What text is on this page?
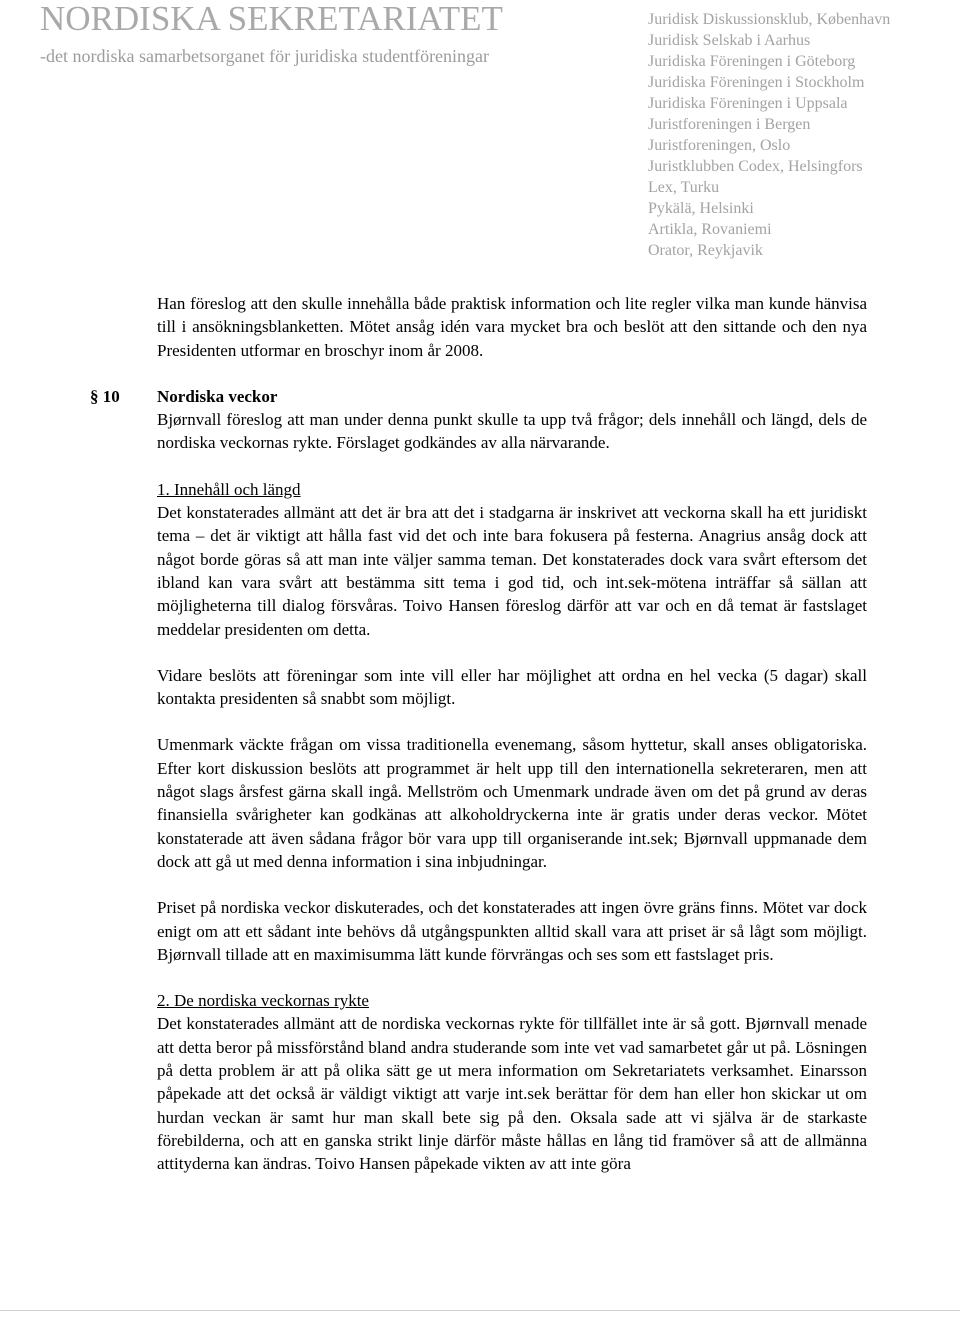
NORDISKA SEKRETARIATET
-det nordiska samarbetsorganet för juridiska studentföreningar
Juridisk Diskussionsklub, København
Juridisk Selskab i Aarhus
Juridiska Föreningen i Göteborg
Juridiska Föreningen i Stockholm
Juridiska Föreningen i Uppsala
Juristforeningen i Bergen
Juristforeningen, Oslo
Juristklubben Codex, Helsingfors
Lex, Turku
Pykälä, Helsinki
Artikla, Rovaniemi
Orator, Reykjavik

Han föreslog att den skulle innehålla både praktisk information och lite regler vilka man kunde hänvisa till i ansökningsblanketten. Mötet ansåg idén vara mycket bra och beslöt att den sittande och den nya Presidenten utformar en broschyr inom år 2008.

§ 10 Nordiska veckor

Bjørnvall föreslog att man under denna punkt skulle ta upp två frågor; dels innehåll och längd, dels de nordiska veckornas rykte. Förslaget godkändes av alla närvarande.

1. Innehåll och längd

Det konstaterades allmänt att det är bra att det i stadgarna är inskrivet att veckorna skall ha ett juridiskt tema – det är viktigt att hålla fast vid det och inte bara fokusera på festerna. Anagrius ansåg dock att något borde göras så att man inte väljer samma teman. Det konstaterades dock vara svårt eftersom det ibland kan vara svårt att bestämma sitt tema i god tid, och int.sek-mötena inträffar så sällan att möjligheterna till dialog försvåras. Toivo Hansen föreslog därför att var och en då temat är fastslaget meddelar presidenten om detta.

Vidare beslöts att föreningar som inte vill eller har möjlighet att ordna en hel vecka (5 dagar) skall kontakta presidenten så snabbt som möjligt.

Umenmark väckte frågan om vissa traditionella evenemang, såsom hyttetur, skall anses obligatoriska. Efter kort diskussion beslöts att programmet är helt upp till den internationella sekreteraren, men att något slags årsfest gärna skall ingå. Mellström och Umenmark undrade även om det på grund av deras finansiella svårigheter kan godkänas att alkoholdryckerna inte är gratis under deras veckor. Mötet konstaterade att även sådana frågor bör vara upp till organiserande int.sek; Bjørnvall uppmanade dem dock att gå ut med denna information i sina inbjudningar.

Priset på nordiska veckor diskuterades, och det konstaterades att ingen övre gräns finns. Mötet var dock enigt om att ett sådant inte behövs då utgångspunkten alltid skall vara att priset är så lågt som möjligt. Bjørnvall tillade att en maximisumma lätt kunde förvrängas och ses som ett fastslaget pris.

2. De nordiska veckornas rykte

Det konstaterades allmänt att de nordiska veckornas rykte för tillfället inte är så gott. Bjørnvall menade att detta beror på missförstånd bland andra studerande som inte vet vad samarbetet går ut på. Lösningen på detta problem är att på olika sätt ge ut mera information om Sekretariatets verksamhet. Einarsson påpekade att det också är väldigt viktigt att varje int.sek berättar för dem han eller hon skickar ut om hurdan veckan är samt hur man skall bete sig på den. Oksala sade att vi själva är de starkaste förebilderna, och att en ganska strikt linje därför måste hållas en lång tid framöver så att de allmänna attityderna kan ändras. Toivo Hansen påpekade vikten av att inte göra
